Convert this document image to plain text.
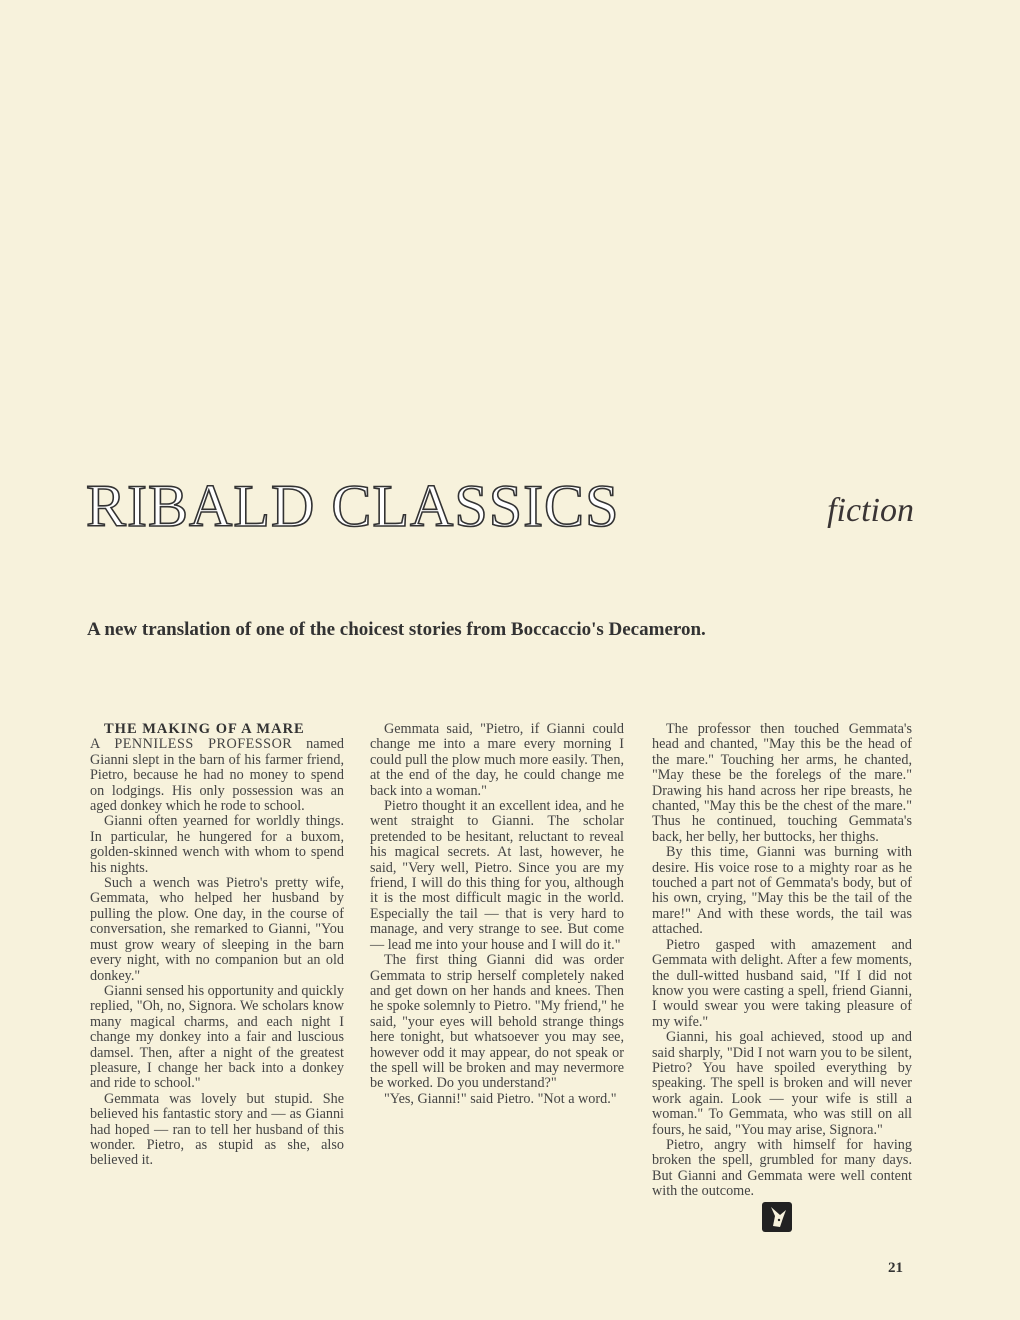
RIBALD CLASSICS	fiction

A new translation of one of the choicest stories from Boccaccio's Decameron.

THE MAKING OF A MARE

A PENNILESS PROFESSOR named Gianni slept in the barn of his farmer friend, Pietro, because he had no money to spend on lodgings. His only possession was an aged donkey which he rode to school.

Gianni often yearned for worldly things. In particular, he hungered for a buxom, golden-skinned wench with whom to spend his nights.

Such a wench was Pietro's pretty wife, Gemmata, who helped her husband by pulling the plow. One day, in the course of conversation, she remarked to Gianni, "You must grow weary of sleeping in the barn every night, with no companion but an old donkey."

Gianni sensed his opportunity and quickly replied, "Oh, no, Signora. We scholars know many magical charms, and each night I change my donkey into a fair and luscious damsel. Then, after a night of the greatest pleasure, I change her back into a donkey and ride to school."

Gemmata was lovely but stupid. She believed his fantastic story and — as Gianni had hoped — ran to tell her husband of this wonder. Pietro, as stupid as she, also believed it.

Gemmata said, "Pietro, if Gianni could change me into a mare every morning I could pull the plow much more easily. Then, at the end of the day, he could change me back into a woman."

Pietro thought it an excellent idea, and he went straight to Gianni. The scholar pretended to be hesitant, reluctant to reveal his magical secrets. At last, however, he said, "Very well, Pietro. Since you are my friend, I will do this thing for you, although it is the most difficult magic in the world. Especially the tail — that is very hard to manage, and very strange to see. But come — lead me into your house and I will do it."

The first thing Gianni did was order Gemmata to strip herself completely naked and get down on her hands and knees. Then he spoke solemnly to Pietro. "My friend," he said, "your eyes will behold strange things here tonight, but whatsoever you may see, however odd it may appear, do not speak or the spell will be broken and may nevermore be worked. Do you understand?"

"Yes, Gianni!" said Pietro. "Not a word."

The professor then touched Gemmata's head and chanted, "May this be the head of the mare." Touching her arms, he chanted, "May these be the forelegs of the mare." Drawing his hand across her ripe breasts, he chanted, "May this be the chest of the mare." Thus he continued, touching Gemmata's back, her belly, her buttocks, her thighs.

By this time, Gianni was burning with desire. His voice rose to a mighty roar as he touched a part not of Gemmata's body, but of his own, crying, "May this be the tail of the mare!" And with these words, the tail was attached.

Pietro gasped with amazement and Gemmata with delight. After a few moments, the dull-witted husband said, "If I did not know you were casting a spell, friend Gianni, I would swear you were taking pleasure of my wife."

Gianni, his goal achieved, stood up and said sharply, "Did I not warn you to be silent, Pietro? You have spoiled everything by speaking. The spell is broken and will never work again. Look — your wife is still a woman." To Gemmata, who was still on all fours, he said, "You may arise, Signora."

Pietro, angry with himself for having broken the spell, grumbled for many days. But Gianni and Gemmata were well content with the outcome.

21
